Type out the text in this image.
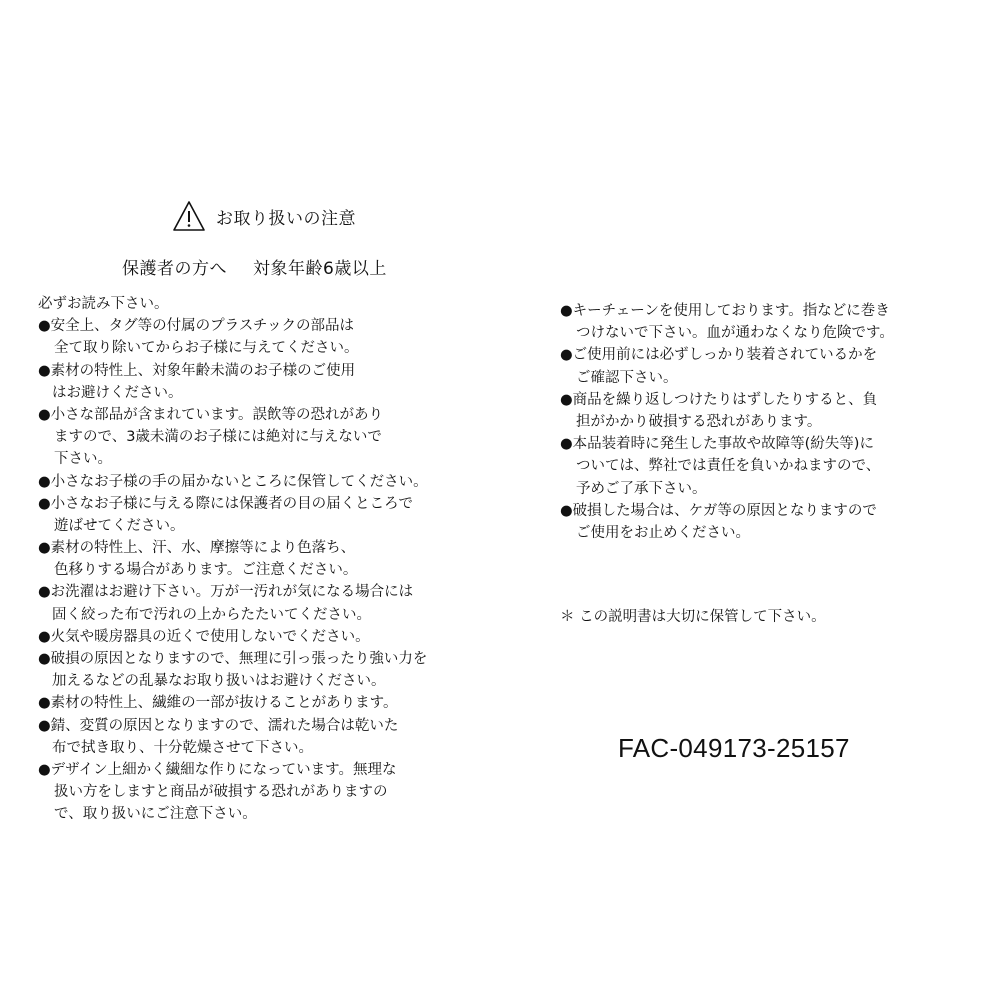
お取り扱いの注意
保護者の方へ 対象年齢6歳以上
必ずお読み下さい。
●安全上、タグ等の付属のプラスチックの部品は
全て取り除いてからお子様に与えてください。
●素材の特性上、対象年齢未満のお子様のご使用
はお避けください。
●小さな部品が含まれています。誤飲等の恐れがあり
ますので、3歳未満のお子様には絶対に与えないで
下さい。
●小さなお子様の手の届かないところに保管してください。
●小さなお子様に与える際には保護者の目の届くところで
遊ばせてください。
●素材の特性上、汗、水、摩擦等により色落ち、
色移りする場合があります。ご注意ください。
●お洗濯はお避け下さい。万が一汚れが気になる場合には
固く絞った布で汚れの上からたたいてください。
●火気や暖房器具の近くで使用しないでください。
●破損の原因となりますので、無理に引っ張ったり強い力を
加えるなどの乱暴なお取り扱いはお避けください。
●素材の特性上、繊維の一部が抜けることがあります。
●錆、変質の原因となりますので、濡れた場合は乾いた
布で拭き取り、十分乾燥させて下さい。
●デザイン上細かく繊細な作りになっています。無理な
扱い方をしますと商品が破損する恐れがありますの
で、取り扱いにご注意下さい。
●キーチェーンを使用しております。指などに巻き
つけないで下さい。血が通わなくなり危険です。
●ご使用前には必ずしっかり装着されているかを
ご確認下さい。
●商品を繰り返しつけたりはずしたりすると、負
担がかかり破損する恐れがあります。
●本品装着時に発生した事故や故障等(紛失等)に
ついては、弊社では責任を負いかねますので、
予めご了承下さい。
●破損した場合は、ケガ等の原因となりますので
ご使用をお止めください。
＊ この説明書は大切に保管して下さい。
FAC-049173-25157
